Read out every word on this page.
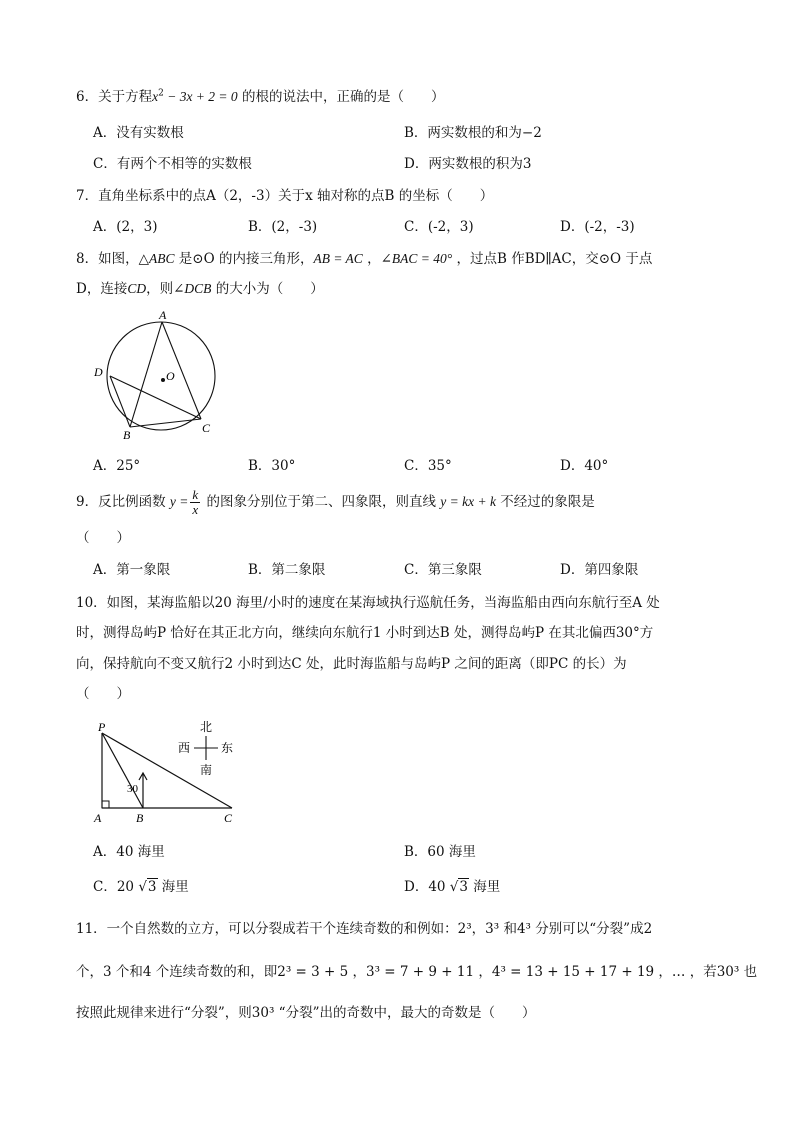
6．关于方程$x^2 - 3x + 2 = 0$ 的根的说法中，正确的是（　　）
A．没有实数根	B．两实数根的和为−2
C．有两个不相等的实数根	D．两实数根的积为3
7．直角坐标系中的点A（2，-3）关于x 轴对称的点B 的坐标（　　）
A．(2，3)	B．(2，-3)	C．(-2，3)	D．(-2，-3)
8．如图，△ABC 是⊙O 的内接三角形，AB = AC ，∠BAC = 40° ，过点B 作BD∥AC，交⊙O 于点
D，连接CD，则∠DCB 的大小为（　　）
A
D	O
B	C
A．25°	B．30°	C．35°	D．40°
9．反比例函数 $y = \frac{k}{x}$ 的图象分别位于第二、四象限，则直线 y = kx + k 不经过的象限是
（　　）
A．第一象限	B．第二象限	C．第三象限	D．第四象限
10．如图，某海监船以20 海里/小时的速度在某海域执行巡航任务，当海监船由西向东航行至A 处
时，测得岛屿P 恰好在其正北方向，继续向东航行1 小时到达B 处，测得岛屿P 在其北偏西30°方
向，保持航向不变又航行2 小时到达C 处，此时海监船与岛屿P 之间的距离（即PC 的长）为
（　　）
30
P
A	B	C
北
南
西	东
A．40 海里	B．60 海里
C．20 √3 海里	D．40 √3 海里
11．一个自然数的立方，可以分裂成若干个连续奇数的和例如：2³，3³ 和4³ 分别可以“分裂”成2
个，3 个和4 个连续奇数的和，即2³ = 3 + 5 ，3³ = 7 + 9 + 11 ，4³ = 13 + 15 + 17 + 19 ，… ，若30³ 也
按照此规律来进行“分裂”，则30³ “分裂”出的奇数中，最大的奇数是（　　）
